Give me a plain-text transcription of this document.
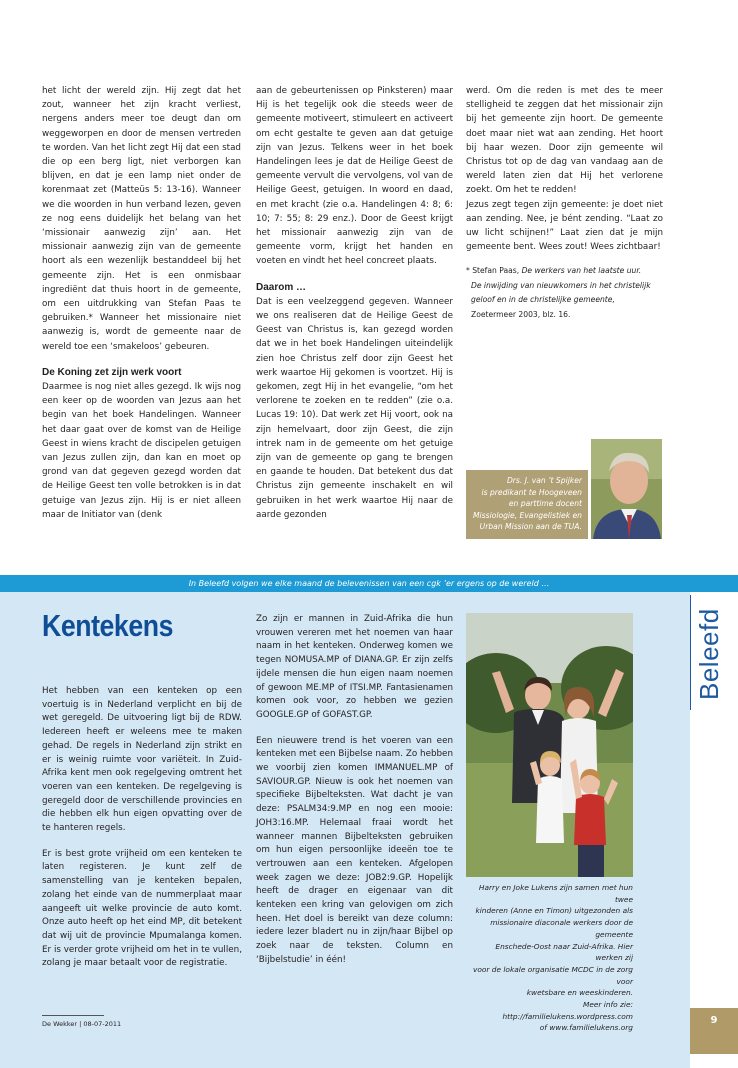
het licht der wereld zijn. Hij zegt dat het zout, wanneer het zijn kracht verliest, nergens anders meer toe deugt dan om weggeworpen en door de mensen vertreden te worden. Van het licht zegt Hij dat een stad die op een berg ligt, niet verborgen kan blijven, en dat je een lamp niet onder de korenmaat zet (Matteüs 5: 13-16). Wanneer we die woorden in hun verband lezen, geven ze nog eens duidelijk het belang van het ‘missionair aanwezig zijn’ aan. Het missionair aanwezig zijn van de gemeente hoort als een wezenlijk bestanddeel bij het gemeente zijn. Het is een onmisbaar ingrediënt dat thuis hoort in de gemeente, om een uitdrukking van Stefan Paas te gebruiken.* Wanneer het missionaire niet aanwezig is, wordt de gemeente naar de wereld toe een ‘smakeloos’ gebeuren.

De Koning zet zijn werk voort

Daarmee is nog niet alles gezegd. Ik wijs nog een keer op de woorden van Jezus aan het begin van het boek Handelingen. Wanneer het daar gaat over de komst van de Heilige Geest in wiens kracht de discipelen getuigen van Jezus zullen zijn, dan kan en moet op grond van dat gegeven gezegd worden dat de Heilige Geest ten volle betrokken is in dat getuige van Jezus zijn. Hij is er niet alleen maar de Initiator van (denk

aan de gebeurtenissen op Pinksteren) maar Hij is het tegelijk ook die steeds weer de gemeente motiveert, stimuleert en activeert om echt gestalte te geven aan dat getuige zijn van Jezus. Telkens weer in het boek Handelingen lees je dat de Heilige Geest de gemeente vervult die vervolgens, vol van de Heilige Geest, getuigen. In woord en daad, en met kracht (zie o.a. Handelingen 4: 8; 6: 10; 7: 55; 8: 29 enz.). Door de Geest krijgt het missionair aanwezig zijn van de gemeente vorm, krijgt het handen en voeten en vindt het heel concreet plaats.

Daarom …

Dat is een veelzeggend gegeven. Wanneer we ons realiseren dat de Heilige Geest de Geest van Christus is, kan gezegd worden dat we in het boek Handelingen uiteindelijk zien hoe Christus zelf door zijn Geest het werk waartoe Hij gekomen is voortzet. Hij is gekomen, zegt Hij in het evangelie, “om het verlorene te zoeken en te redden” (zie o.a. Lucas 19: 10). Dat werk zet Hij voort, ook na zijn hemelvaart, door zijn Geest, die zijn intrek nam in de gemeente om het getuige zijn van de gemeente op gang te brengen en gaande te houden. Dat betekent dus dat Christus zijn gemeente inschakelt en wil gebruiken in het werk waartoe Hij naar de aarde gezonden

werd. Om die reden is met des te meer stelligheid te zeggen dat het missionair zijn bij het gemeente zijn hoort. De gemeente doet maar niet wat aan zending. Het hoort bij haar wezen. Door zijn gemeente wil Christus tot op de dag van vandaag aan de wereld laten zien dat Hij het verlorene zoekt. Om het te redden!

Jezus zegt tegen zijn gemeente: je doet niet aan zending. Nee, je bént zending. “Laat zo uw licht schijnen!” Laat zien dat je mijn gemeente bent. Wees zout! Wees zichtbaar!

* Stefan Paas, De werkers van het laatste uur.
De inwijding van nieuwkomers in het christelijk
geloof en in de christelijke gemeente,
Zoetermeer 2003, blz. 16.
Drs. J. van ’t Spijker
is predikant te Hoogeveen
en parttime docent
Missiologie, Evangelistiek en
Urban Mission aan de TUA.
In Beleefd volgen we elke maand de belevenissen van een cgk ’er ergens op de wereld …
Beleefd
Kentekens

Het hebben van een kenteken op een voertuig is in Nederland verplicht en bij de wet geregeld. De uitvoering ligt bij de RDW. Iedereen heeft er weleens mee te maken gehad. De regels in Nederland zijn strikt en er is weinig ruimte voor variëteit. In Zuid-Afrika kent men ook regelgeving omtrent het voeren van een kenteken. De regelgeving is geregeld door de verschillende provincies en die hebben elk hun eigen opvatting over de te hanteren regels.

Er is best grote vrijheid om een kenteken te laten registeren. Je kunt zelf de samenstelling van je kenteken bepalen, zolang het einde van de nummerplaat maar aangeeft uit welke provincie de auto komt. Onze auto heeft op het eind MP, dit betekent dat wij uit de provincie Mpumalanga komen. Er is verder grote vrijheid om het in te vullen, zolang je maar betaalt voor de registratie.

Zo zijn er mannen in Zuid-Afrika die hun vrouwen vereren met het noemen van haar naam in het kenteken. Onderweg komen we tegen NOMUSA.MP of DIANA.GP. Er zijn zelfs ijdele mensen die hun eigen naam noemen of gewoon ME.MP of ITSI.MP. Fantasienamen komen ook voor, zo hebben we gezien GOOGLE.GP of GOFAST.GP.

Een nieuwere trend is het voeren van een kenteken met een Bijbelse naam. Zo hebben we voorbij zien komen IMMANUEL.MP of SAVIOUR.GP. Nieuw is ook het noemen van specifieke Bijbelteksten. Wat dacht je van deze: PSALM34:9.MP en nog een mooie: JOH3:16.MP. Helemaal fraai wordt het wanneer mannen Bijbelteksten gebruiken om hun eigen persoonlijke ideeën toe te vertrouwen aan een kenteken. Afgelopen week zagen we deze: JOB2:9.GP. Hopelijk heeft de drager en eigenaar van dit kenteken een kring van gelovigen om zich heen. Het doel is bereikt van deze column: iedere lezer bladert nu in zijn/haar Bijbel op zoek naar de teksten. Column en ‘Bijbelstudie’ in één!

Harry en Joke Lukens zijn samen met hun twee
kinderen (Anne en Timon) uitgezonden als
missionaire diaconale werkers door de gemeente
Enschede-Oost naar Zuid-Afrika. Hier werken zij
voor de lokale organisatie MCDC in de zorg voor
kwetsbare en weeskinderen.
Meer info zie: http://familielukens.wordpress.com
of www.familielukens.org
De Wekker | 08-07-2011	9
